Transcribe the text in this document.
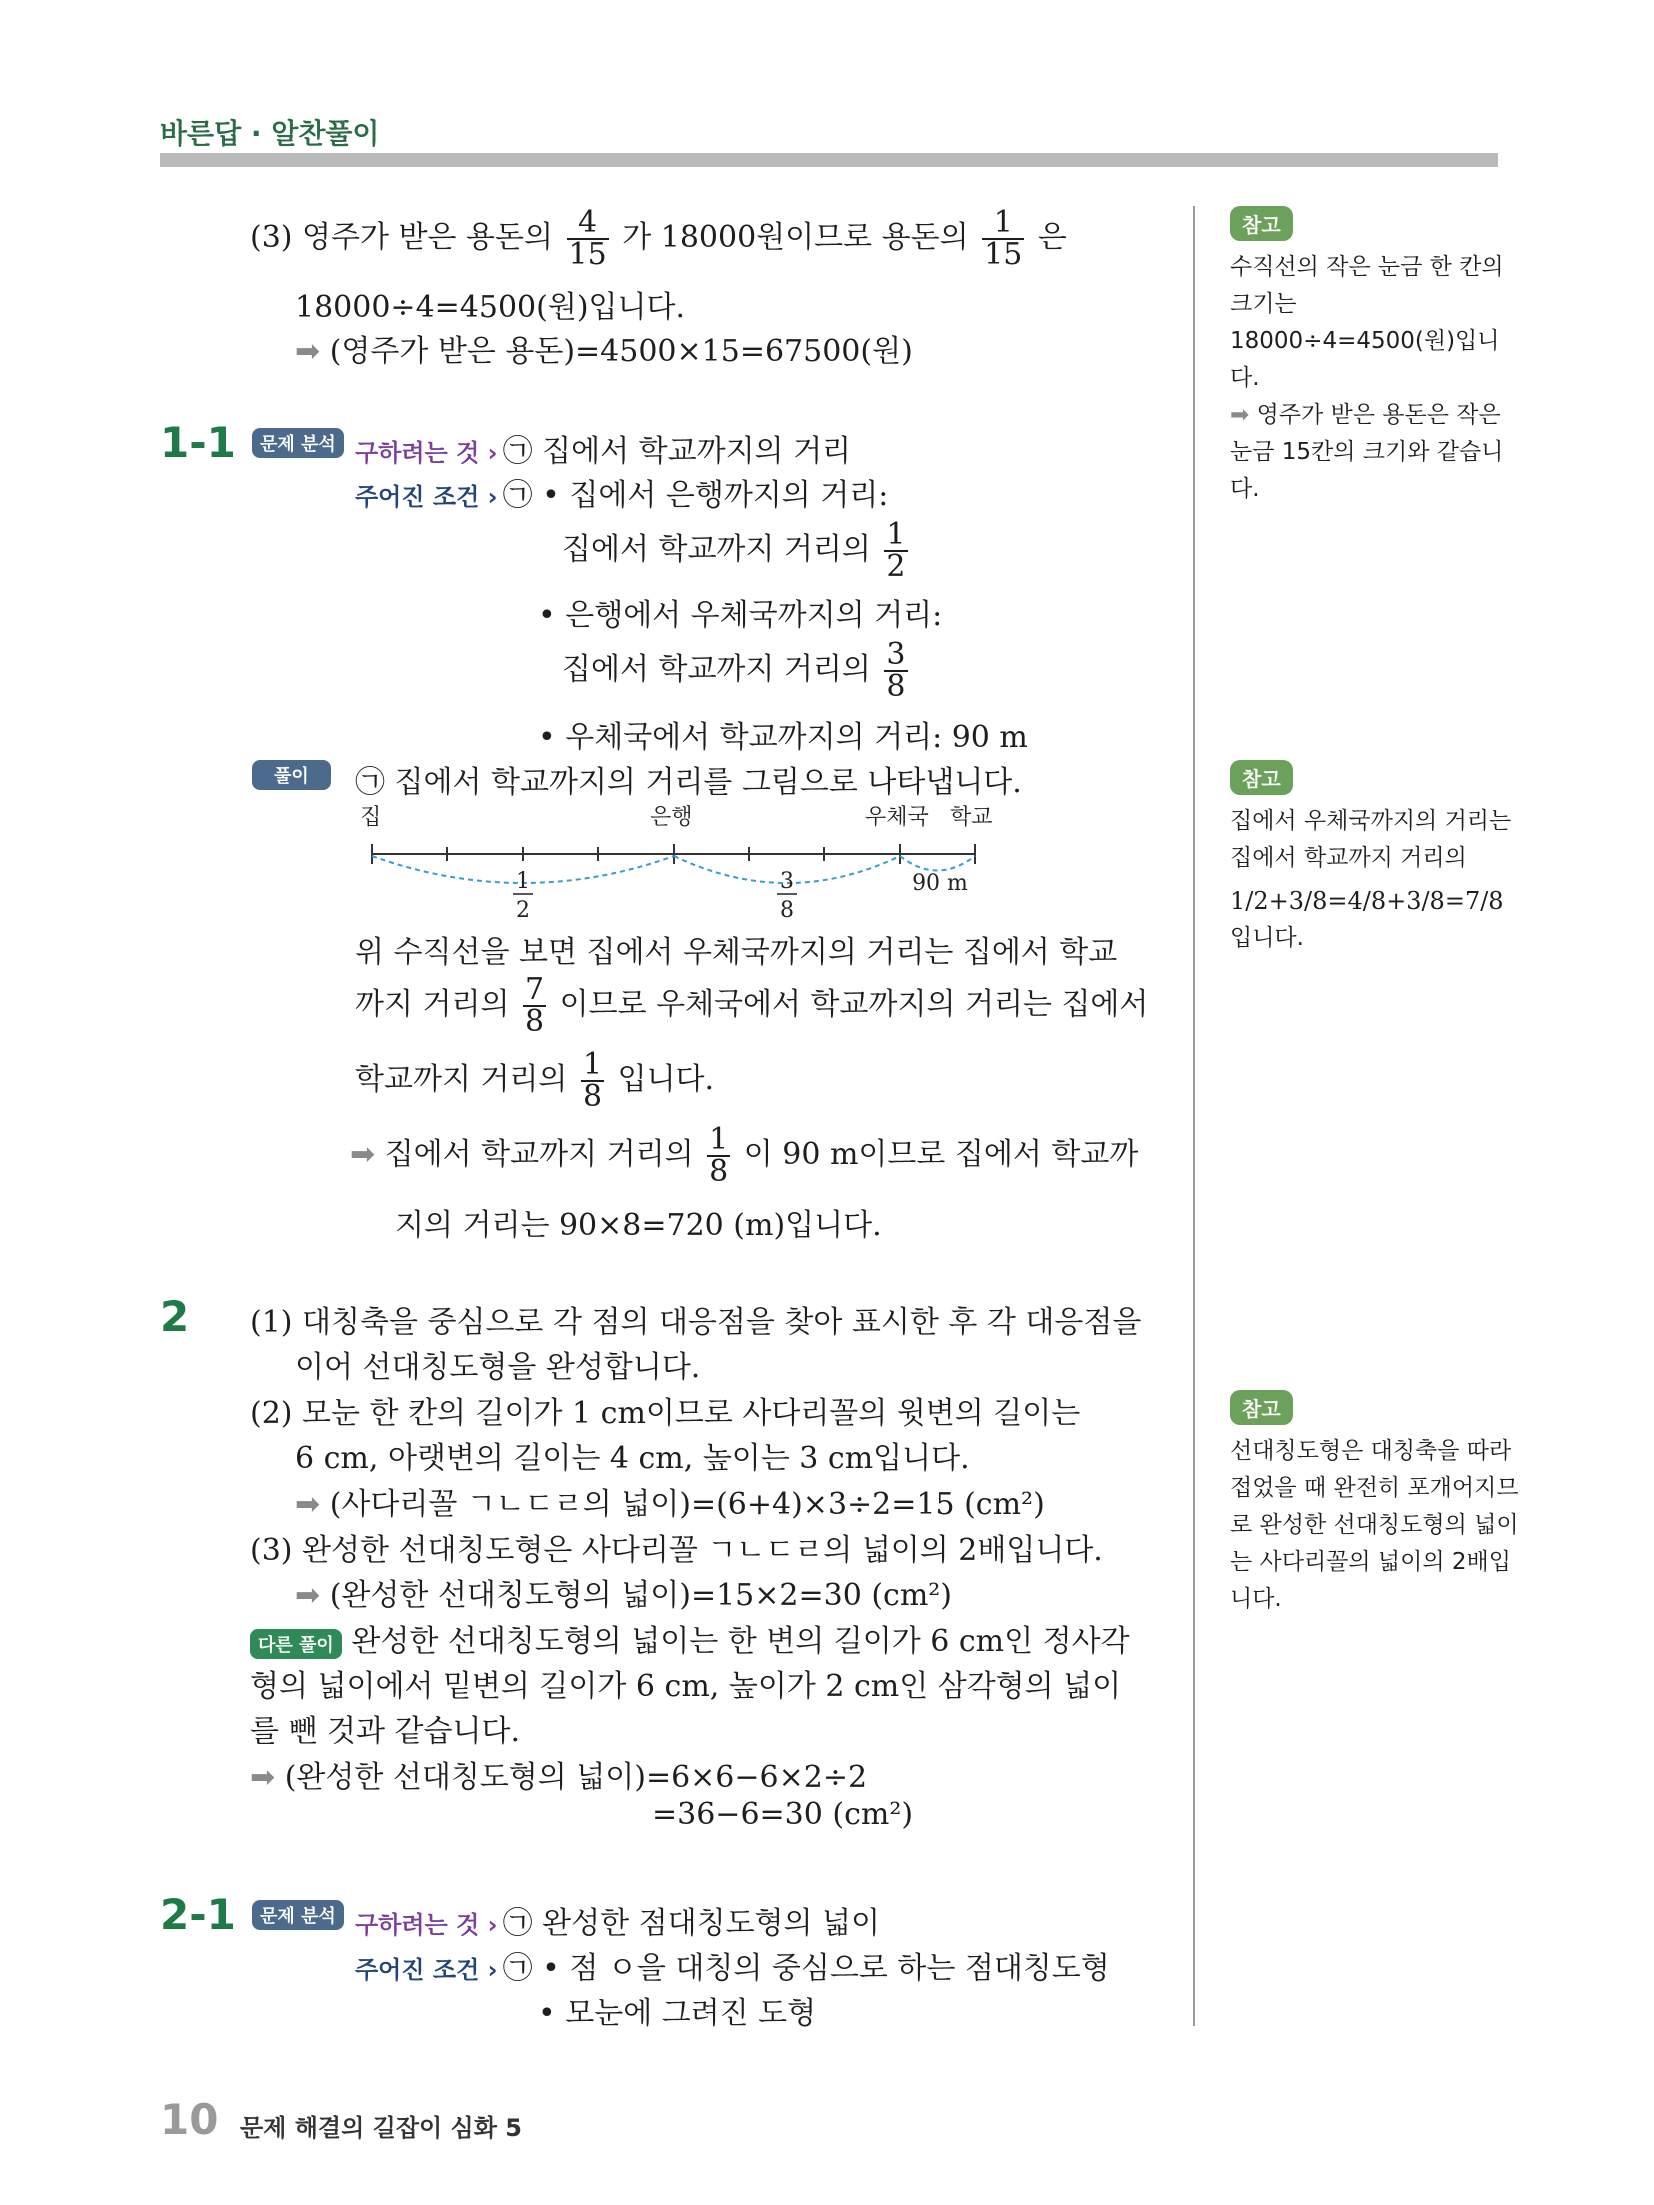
바른답 · 알찬풀이
(3) 영주가 받은 용돈의 $\frac{4}{15}$ 가 18000원이므로 용돈의 $\frac{1}{15}$ 은
18000÷4=4500(원)입니다.
➡ (영주가 받은 용돈)=4500×15=67500(원)
1-1	문제 분석 구하려는 것 › ㉠ 집에서 학교까지의 거리
주어진 조건 › ㉠ • 집에서 은행까지의 거리:
집에서 학교까지 거리의 $\frac{1}{2}$
• 은행에서 우체국까지의 거리:
집에서 학교까지 거리의 $\frac{3}{8}$
• 우체국에서 학교까지의 거리: 90 m
풀이	㉠ 집에서 학교까지의 거리를 그림으로 나타냅니다.
집	은행	우체국 학교
1
2
3
8
90 m
위 수직선을 보면 집에서 우체국까지의 거리는 집에서 학교
까지 거리의 $\frac{7}{8}$ 이므로 우체국에서 학교까지의 거리는 집에서
학교까지 거리의 $\frac{1}{8}$ 입니다.
➡ 집에서 학교까지 거리의 $\frac{1}{8}$ 이 90 m이므로 집에서 학교까
지의 거리는 90×8=720 (m)입니다.
2 (1) 대칭축을 중심으로 각 점의 대응점을 찾아 표시한 후 각 대응점을
이어 선대칭도형을 완성합니다.
(2) 모눈 한 칸의 길이가 1 cm이므로 사다리꼴의 윗변의 길이는
6 cm, 아랫변의 길이는 4 cm, 높이는 3 cm입니다.
➡ (사다리꼴 ㄱㄴㄷㄹ의 넓이)=(6+4)×3÷2=15 (cm²)
(3) 완성한 선대칭도형은 사다리꼴 ㄱㄴㄷㄹ의 넓이의 2배입니다.
➡ (완성한 선대칭도형의 넓이)=15×2=30 (cm²)
다른 풀이 완성한 선대칭도형의 넓이는 한 변의 길이가 6 cm인 정사각
형의 넓이에서 밑변의 길이가 6 cm, 높이가 2 cm인 삼각형의 넓이
를 뺀 것과 같습니다.
➡ (완성한 선대칭도형의 넓이)=6×6−6×2÷2
=36−6=30 (cm²)
2-1	문제 분석 구하려는 것 › ㉠ 완성한 점대칭도형의 넓이
주어진 조건 › ㉠ • 점 ㅇ을 대칭의 중심으로 하는 점대칭도형
• 모눈에 그려진 도형
참고
수직선의 작은 눈금 한 칸의 크기는 18000÷4=4500(원)입니다.
➡ 영주가 받은 용돈은 작은 눈금 15칸의 크기와 같습니다.
참고
집에서 우체국까지의 거리는 집에서 학교까지 거리의
1/2+3/8=4/8+3/8=7/8
입니다.
참고
선대칭도형은 대칭축을 따라 접었을 때 완전히 포개어지므로 완성한 선대칭도형의 넓이는 사다리꼴의 넓이의 2배입니다.
10 문제 해결의 길잡이 심화 5
